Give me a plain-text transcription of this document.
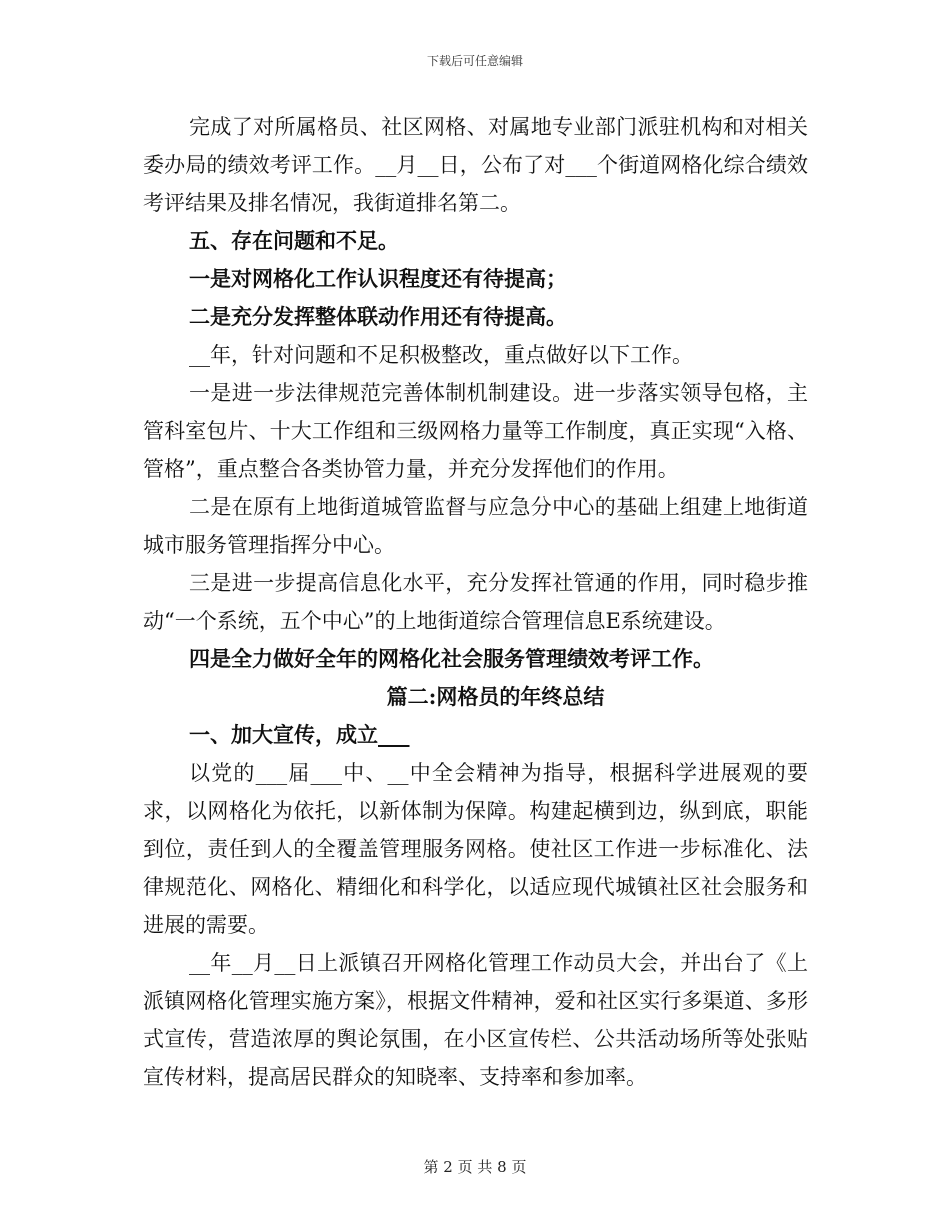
下载后可任意编辑

完成了对所属格员、社区网格、对属地专业部门派驻机构和对相关委办局的绩效考评工作。__月__日，公布了对___个街道网格化综合绩效考评结果及排名情况，我街道排名第二。

五、存在问题和不足。

一是对网格化工作认识程度还有待提高；

二是充分发挥整体联动作用还有待提高。

__年，针对问题和不足积极整改，重点做好以下工作。

一是进一步法律规范完善体制机制建设。进一步落实领导包格，主管科室包片、十大工作组和三级网格力量等工作制度，真正实现“入格、管格”，重点整合各类协管力量，并充分发挥他们的作用。

二是在原有上地街道城管监督与应急分中心的基础上组建上地街道城市服务管理指挥分中心。

三是进一步提高信息化水平，充分发挥社管通的作用，同时稳步推动“一个系统，五个中心”的上地街道综合管理信息E系统建设。

四是全力做好全年的网格化社会服务管理绩效考评工作。

篇二:网格员的年终总结

一、加大宣传，成立___

以党的___届___中、__中全会精神为指导，根据科学进展观的要求，以网格化为依托，以新体制为保障。构建起横到边，纵到底，职能到位，责任到人的全覆盖管理服务网格。使社区工作进一步标准化、法律规范化、网格化、精细化和科学化，以适应现代城镇社区社会服务和进展的需要。

__年__月__日上派镇召开网格化管理工作动员大会，并出台了《上派镇网格化管理实施方案》，根据文件精神，爱和社区实行多渠道、多形式宣传，营造浓厚的舆论氛围，在小区宣传栏、公共活动场所等处张贴宣传材料，提高居民群众的知晓率、支持率和参加率。

第 2 页 共 8 页
